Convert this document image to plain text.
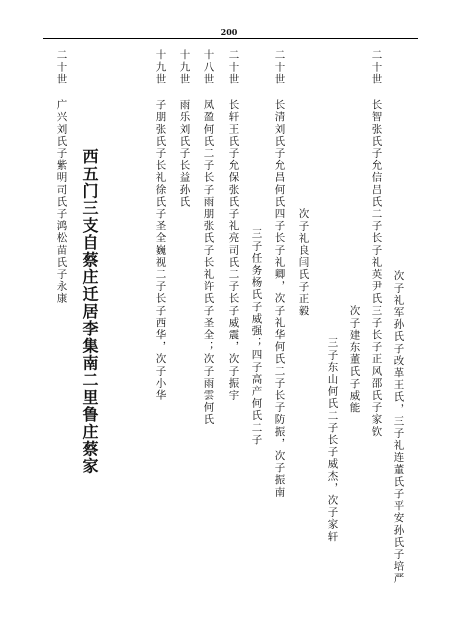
200
次子礼军孙氏子改革王氏，三子礼连董氏子平安孙氏子培严
二十世 长智张氏子允信吕氏二子长子礼英尹氏三子长子正风邵氏子家钦
次子建东董氏子威能
三子东山何氏二子长子威杰，次子家轩
二十世 长清刘氏子允昌何氏四子长子礼卿，次子礼华何氏二子长子防振，次子振南 次子礼良闫氏子正毅
三子任务杨氏子威强；四子高产何氏二子
二十世 长轩王氏子允保张氏子礼亮司氏二子长子威震，次子振宇
十八世 凤盈何氏二子长子雨朋张氏子长礼许氏子圣全；次子雨雲何氏
十九世 雨乐刘氏子长益孙氏
十九世 子朋张氏子长礼徐氏子圣全巍视二子长子西华，次子小华
西五门三支自蔡庄迁居李集南二里鲁庄蔡家
二十世 广兴刘氏子紫明司氏子鸿松苗氏子永康
